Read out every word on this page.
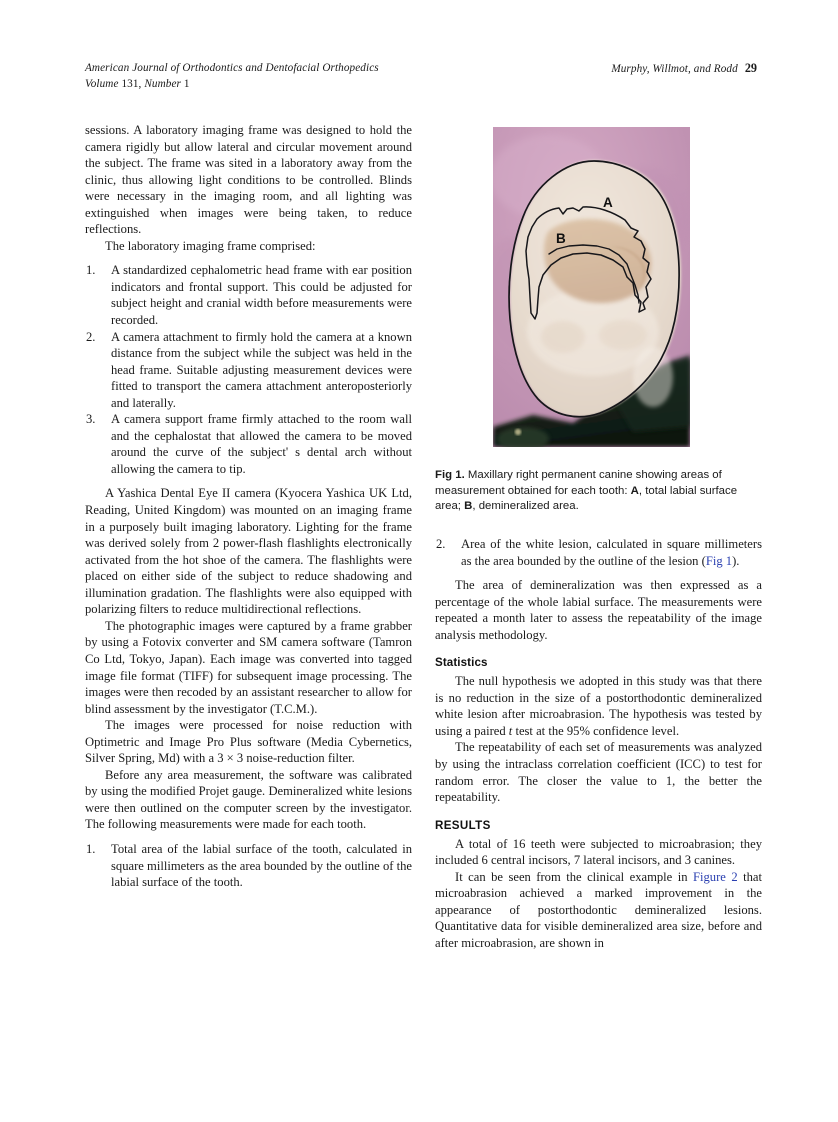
American Journal of Orthodontics and Dentofacial Orthopedics
Volume 131, Number 1
Murphy, Willmot, and Rodd 29

sessions. A laboratory imaging frame was designed to hold the camera rigidly but allow lateral and circular movement around the subject. The frame was sited in a laboratory away from the clinic, thus allowing light conditions to be controlled. Blinds were necessary in the imaging room, and all lighting was extinguished when images were being taken, to reduce reflections.

The laboratory imaging frame comprised:

1.	A standardized cephalometric head frame with ear position indicators and frontal support. This could be adjusted for subject height and cranial width before measurements were recorded.
2.	A camera attachment to firmly hold the camera at a known distance from the subject while the subject was held in the head frame. Suitable adjusting measurement devices were fitted to transport the camera attachment anteroposteriorly and laterally.
3.	A camera support frame firmly attached to the room wall and the cephalostat that allowed the camera to be moved around the curve of the subject' s dental arch without allowing the camera to tip.

A Yashica Dental Eye II camera (Kyocera Yashica UK Ltd, Reading, United Kingdom) was mounted on an imaging frame in a purposely built imaging laboratory. Lighting for the frame was derived solely from 2 power-flash flashlights electronically activated from the hot shoe of the camera. The flashlights were placed on either side of the subject to reduce shadowing and illumination gradation. The flashlights were also equipped with polarizing filters to reduce multidirectional reflections.

The photographic images were captured by a frame grabber by using a Fotovix converter and SM camera software (Tamron Co Ltd, Tokyo, Japan). Each image was converted into tagged image file format (TIFF) for subsequent image processing. The images were then recoded by an assistant researcher to allow for blind assessment by the investigator (T.C.M.).

The images were processed for noise reduction with Optimetric and Image Pro Plus software (Media Cybernetics, Silver Spring, Md) with a 3 × 3 noise-reduction filter.

Before any area measurement, the software was calibrated by using the modified Projet gauge. Demineralized white lesions were then outlined on the computer screen by the investigator. The following measurements were made for each tooth.

1.	Total area of the labial surface of the tooth, calculated in square millimeters as the area bounded by the outline of the labial surface of the tooth.
A
B
Fig 1. Maxillary right permanent canine showing areas of measurement obtained for each tooth: A, total labial surface area; B, demineralized area.
2.	Area of the white lesion, calculated in square millimeters as the area bounded by the outline of the lesion (Fig 1).

The area of demineralization was then expressed as a percentage of the whole labial surface. The measurements were repeated a month later to assess the repeatability of the image analysis methodology.

Statistics

The null hypothesis we adopted in this study was that there is no reduction in the size of a postorthodontic demineralized white lesion after microabrasion. The hypothesis was tested by using a paired t test at the 95% confidence level.

The repeatability of each set of measurements was analyzed by using the intraclass correlation coefficient (ICC) to test for random error. The closer the value to 1, the better the repeatability.

RESULTS

A total of 16 teeth were subjected to microabrasion; they included 6 central incisors, 7 lateral incisors, and 3 canines.

It can be seen from the clinical example in Figure 2 that microabrasion achieved a marked improvement in the appearance of postorthodontic demineralized lesions. Quantitative data for visible demineralized area size, before and after microabrasion, are shown in
